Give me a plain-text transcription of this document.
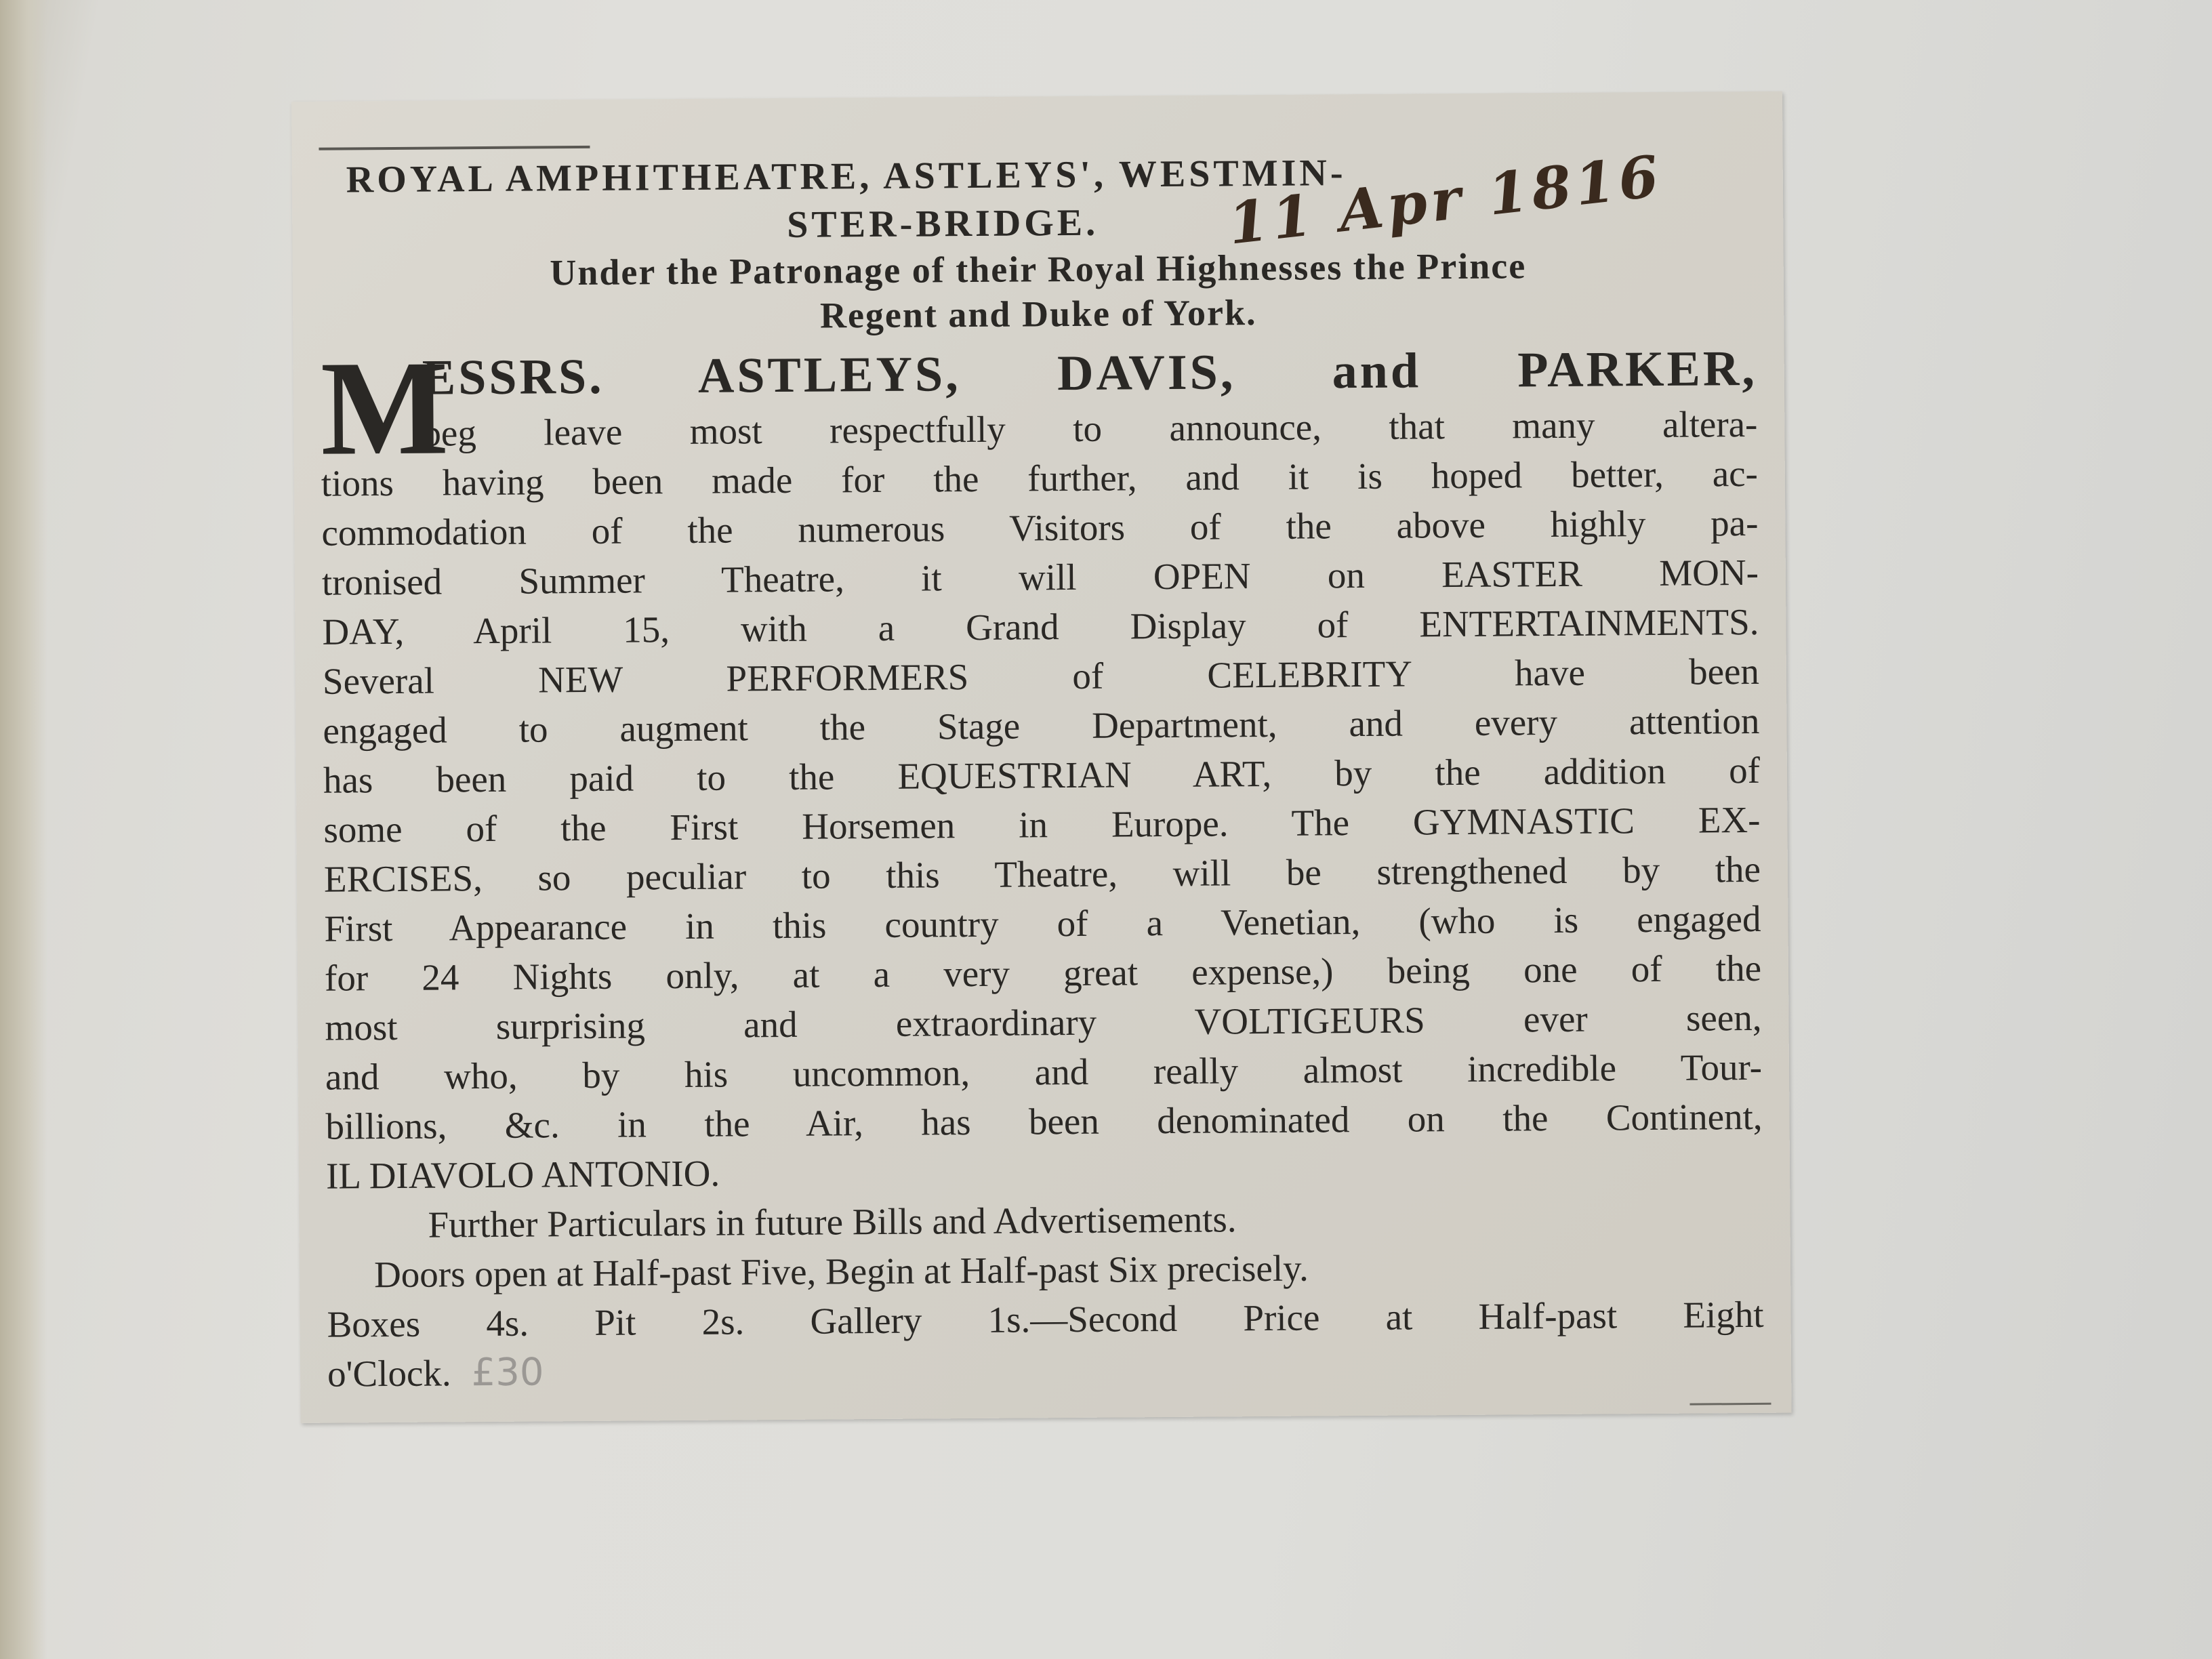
ROYAL AMPHITHEATRE, ASTLEYS', WESTMIN-
STER-BRIDGE. 11 Apr 1816
Under the Patronage of their Royal Highnesses the Prince
Regent and Duke of York.
M
ESSRS. ASTLEYS, DAVIS, and PARKER,
beg leave most respectfully to announce, that many altera-
tions having been made for the further, and it is hoped better, ac-
commodation of the numerous Visitors of the above highly pa-
tronised Summer Theatre, it will OPEN on EASTER MON-
DAY, April 15, with a Grand Display of ENTERTAINMENTS.
Several NEW PERFORMERS of CELEBRITY have been
engaged to augment the Stage Department, and every attention
has been paid to the EQUESTRIAN ART, by the addition of
some of the First Horsemen in Europe. The GYMNASTIC EX-
ERCISES, so peculiar to this Theatre, will be strengthened by the
First Appearance in this country of a Venetian, (who is engaged
for 24 Nights only, at a very great expense,) being one of the
most surprising and extraordinary VOLTIGEURS ever seen,
and who, by his uncommon, and really almost incredible Tour-
billions, &c. in the Air, has been denominated on the Continent,
IL DIAVOLO ANTONIO.
Further Particulars in future Bills and Advertisements.
Doors open at Half-past Five, Begin at Half-past Six precisely.
Boxes 4s. Pit 2s. Gallery 1s.—Second Price at Half-past Eight
o'Clock. £30
